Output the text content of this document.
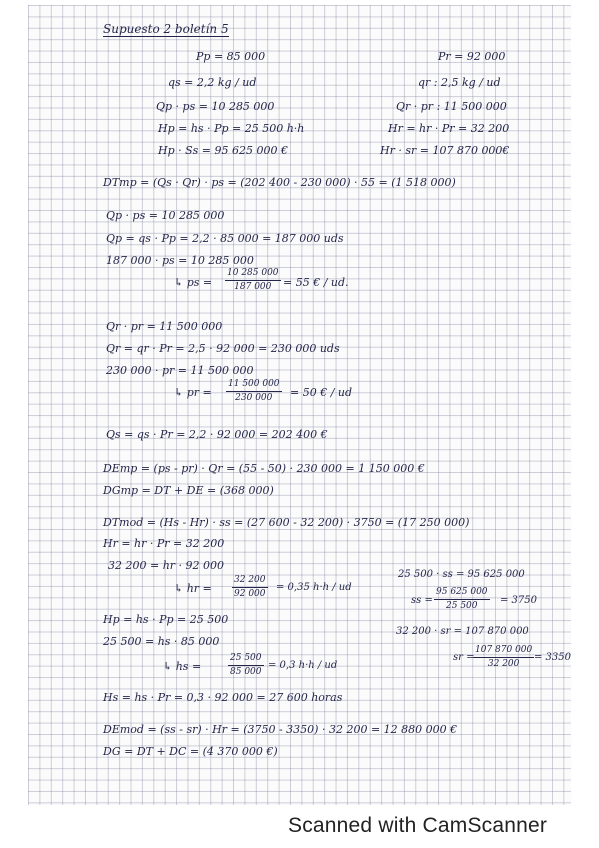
Supuesto 2 boletín 5
Pp = 85 000
qs = 2,2 kg / ud
Qp · ps = 10 285 000
Hp = hs · Pp = 25 500 h·h
Hp · Ss = 95 625 000 €
Pr = 92 000
qr : 2,5 kg / ud
Qr · pr : 11 500 000
Hr = hr · Pr = 32 200
Hr · sr = 107 870 000€
DTmp = (Qs · Qr) · ps = (202 400 - 230 000) · 55 = (1 518 000)
Qp · ps = 10 285 000
Qp = qs · Pp = 2,2 · 85 000 = 187 000 uds
187 000 · ps = 10 285 000
↳ ps = $\frac{10 285 000}{187 000} = 55$ € / ud.
Qr · pr = 11 500 000
Qr = qr · Pr = 2,5 · 92 000 = 230 000 uds
230 000 · pr = 11 500 000
↳ pr = $\frac{11 500 000}{230 000} = 50$ € / ud
Qs = qs · Pr = 2,2 · 92 000 = 202 400 €
DEmp = (ps - pr) · Qr = (55 - 50) · 230 000 = 1 150 000 €
DGmp = DT + DE = (368 000)
DTmod = (Hs - Hr) · ss = (27 600 - 32 200) · 3750 = (17 250 000)
Hr = hr · Pr = 32 200
32 200 = hr · 92 000
↳ hr = $\frac{32 200}{92 000} = 0,35$ h·h / ud
25 500 · ss = 95 625 000
ss = $\frac{95 625 000}{25 500} = 3750$
32 200 · sr = 107 870 000
sr =
$\frac{107 870 000}{32 200} = 3350$
Hp = hs · Pp = 25 500
25 500 = hs · 85 000
↳ hs =	$\frac{25 500}{85 000} = 0,3$ h·h / ud
Hs = hs · Pr = 0,3 · 92 000 = 27 600 horas
DEmod = (ss - sr) · Hr = (3750 - 3350) · 32 200 = 12 880 000 €
DG = DT + DC = (4 370 000 €)
Scanned with CamScanner
